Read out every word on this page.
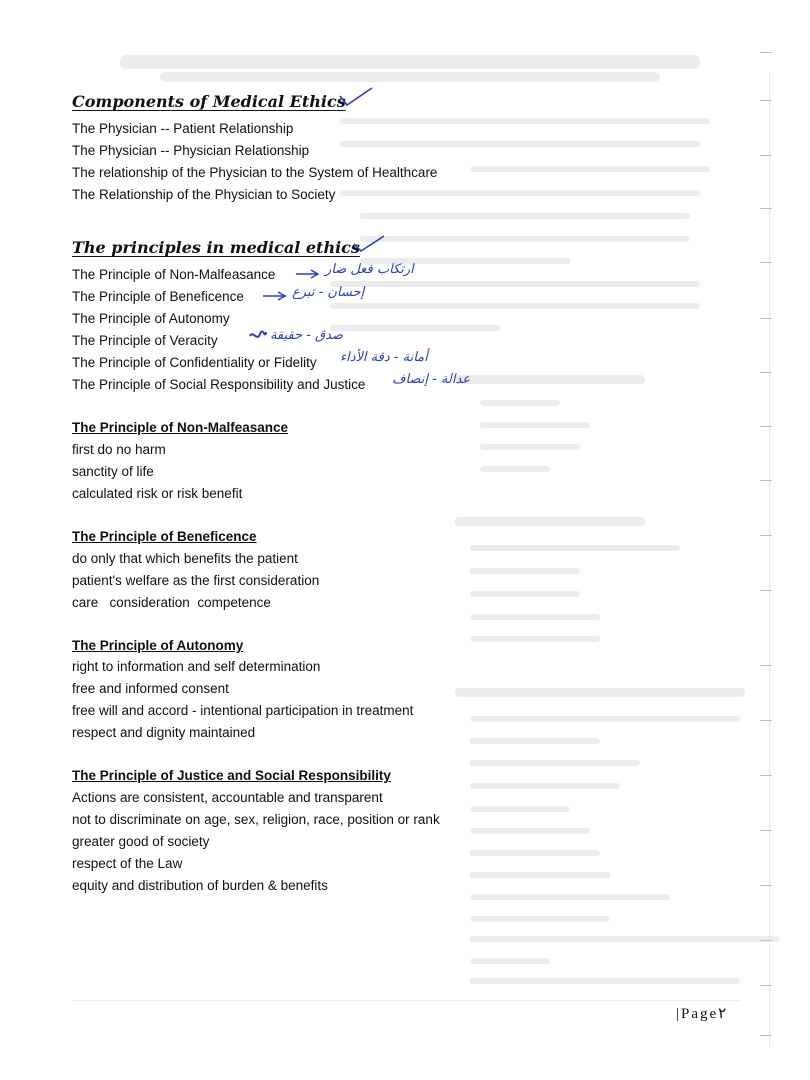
Components of Medical Ethics
The Physician -- Patient Relationship
The Physician -- Physician Relationship
The relationship of the Physician to the System of Healthcare
The Relationship of the Physician to Society
The principles in medical ethics
The Principle of Non-Malfeasance
The Principle of Beneficence
The Principle of Autonomy
The Principle of Veracity
The Principle of Confidentiality or Fidelity
The Principle of Social Responsibility and Justice
ارتكاب فعل ضار
إحسان - تبرع
صدق - حقيقة
أمانة - دقة الأداء
عدالة - إنصاف
The Principle of Non-Malfeasance
first do no harm
sanctity of life
calculated risk or risk benefit
The Principle of Beneficence
do only that which benefits the patient
patient's welfare as the first consideration
care   consideration  competence
The Principle of Autonomy
right to information and self determination
free and informed consent
free will and accord - intentional participation in treatment
respect and dignity maintained
The Principle of Justice and Social Responsibility
Actions are consistent, accountable and transparent
not to discriminate on age, sex, religion, race, position or rank
greater good of society
respect of the Law
equity and distribution of burden & benefits
|Page٢
